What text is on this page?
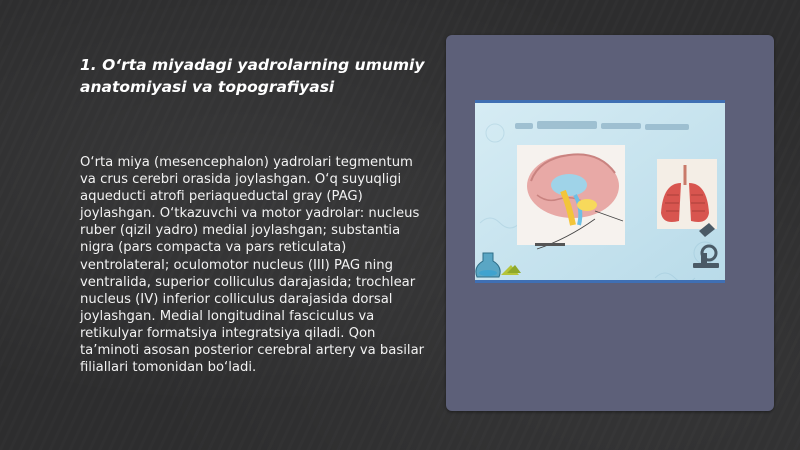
1. O‘rta miyadagi yadrolarning umumiy anatomiyasi va topografiyasi
O‘rta miya (mesencephalon) yadrolari tegmentum va crus cerebri orasida joylashgan. O‘q suyuqligi aqueducti atrofi periaqueductal gray (PAG) joylashgan. O‘tkazuvchi va motor yadrolar: nucleus ruber (qizil yadro) medial joylashgan; substantia nigra (pars compacta va pars reticulata) ventrolateral; oculomotor nucleus (III) PAG ning ventralida, superior colliculus darajasida; trochlear nucleus (IV) inferior colliculus darajasida dorsal joylashgan. Medial longitudinal fasciculus va retikulyar formatsiya integratsiya qiladi. Qon ta’minoti asosan posterior cerebral artery va basilar filiallari tomonidan bo‘ladi.
